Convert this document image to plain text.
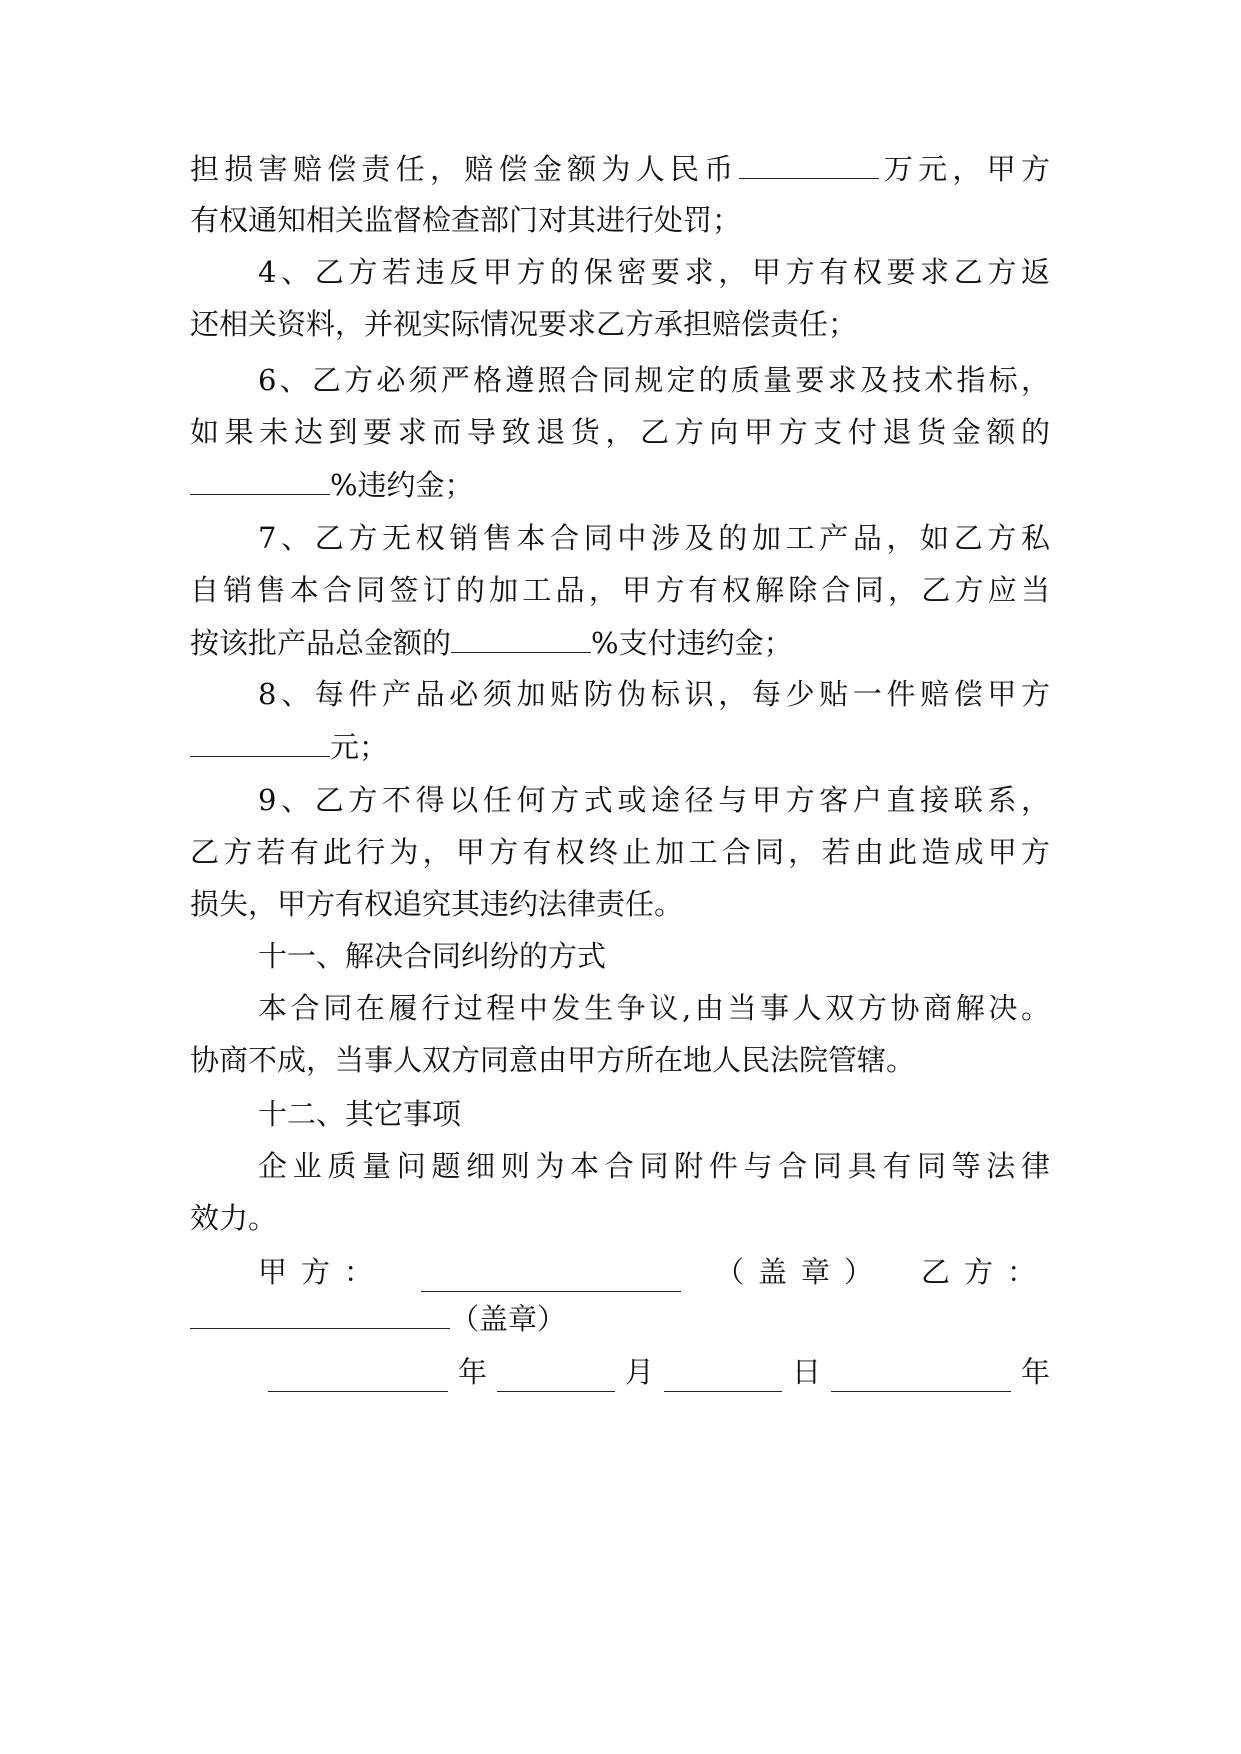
担损害赔偿责任，赔偿金额为人民币	万元，甲方
有权通知相关监督检查部门对其进行处罚；
4、乙方若违反甲方的保密要求，甲方有权要求乙方返
还相关资料，并视实际情况要求乙方承担赔偿责任；
6、乙方必须严格遵照合同规定的质量要求及技术指标，
如果未达到要求而导致退货，乙方向甲方支付退货金额的
%违约金；
7、乙方无权销售本合同中涉及的加工产品，如乙方私
自销售本合同签订的加工品，甲方有权解除合同，乙方应当
按该批产品总金额的	%支付违约金；
8、每件产品必须加贴防伪标识，每少贴一件赔偿甲方
元；
9、乙方不得以任何方式或途径与甲方客户直接联系，
乙方若有此行为，甲方有权终止加工合同，若由此造成甲方
损失，甲方有权追究其违约法律责任。
十一、解决合同纠纷的方式
本合同在履行过程中发生争议,由当事人双方协商解决。
协商不成，当事人双方同意由甲方所在地人民法院管辖。
十二、其它事项
企业质量问题细则为本合同附件与合同具有同等法律
效力。
甲方：	（盖章） 乙方：
（盖章）
年	月	日	年
